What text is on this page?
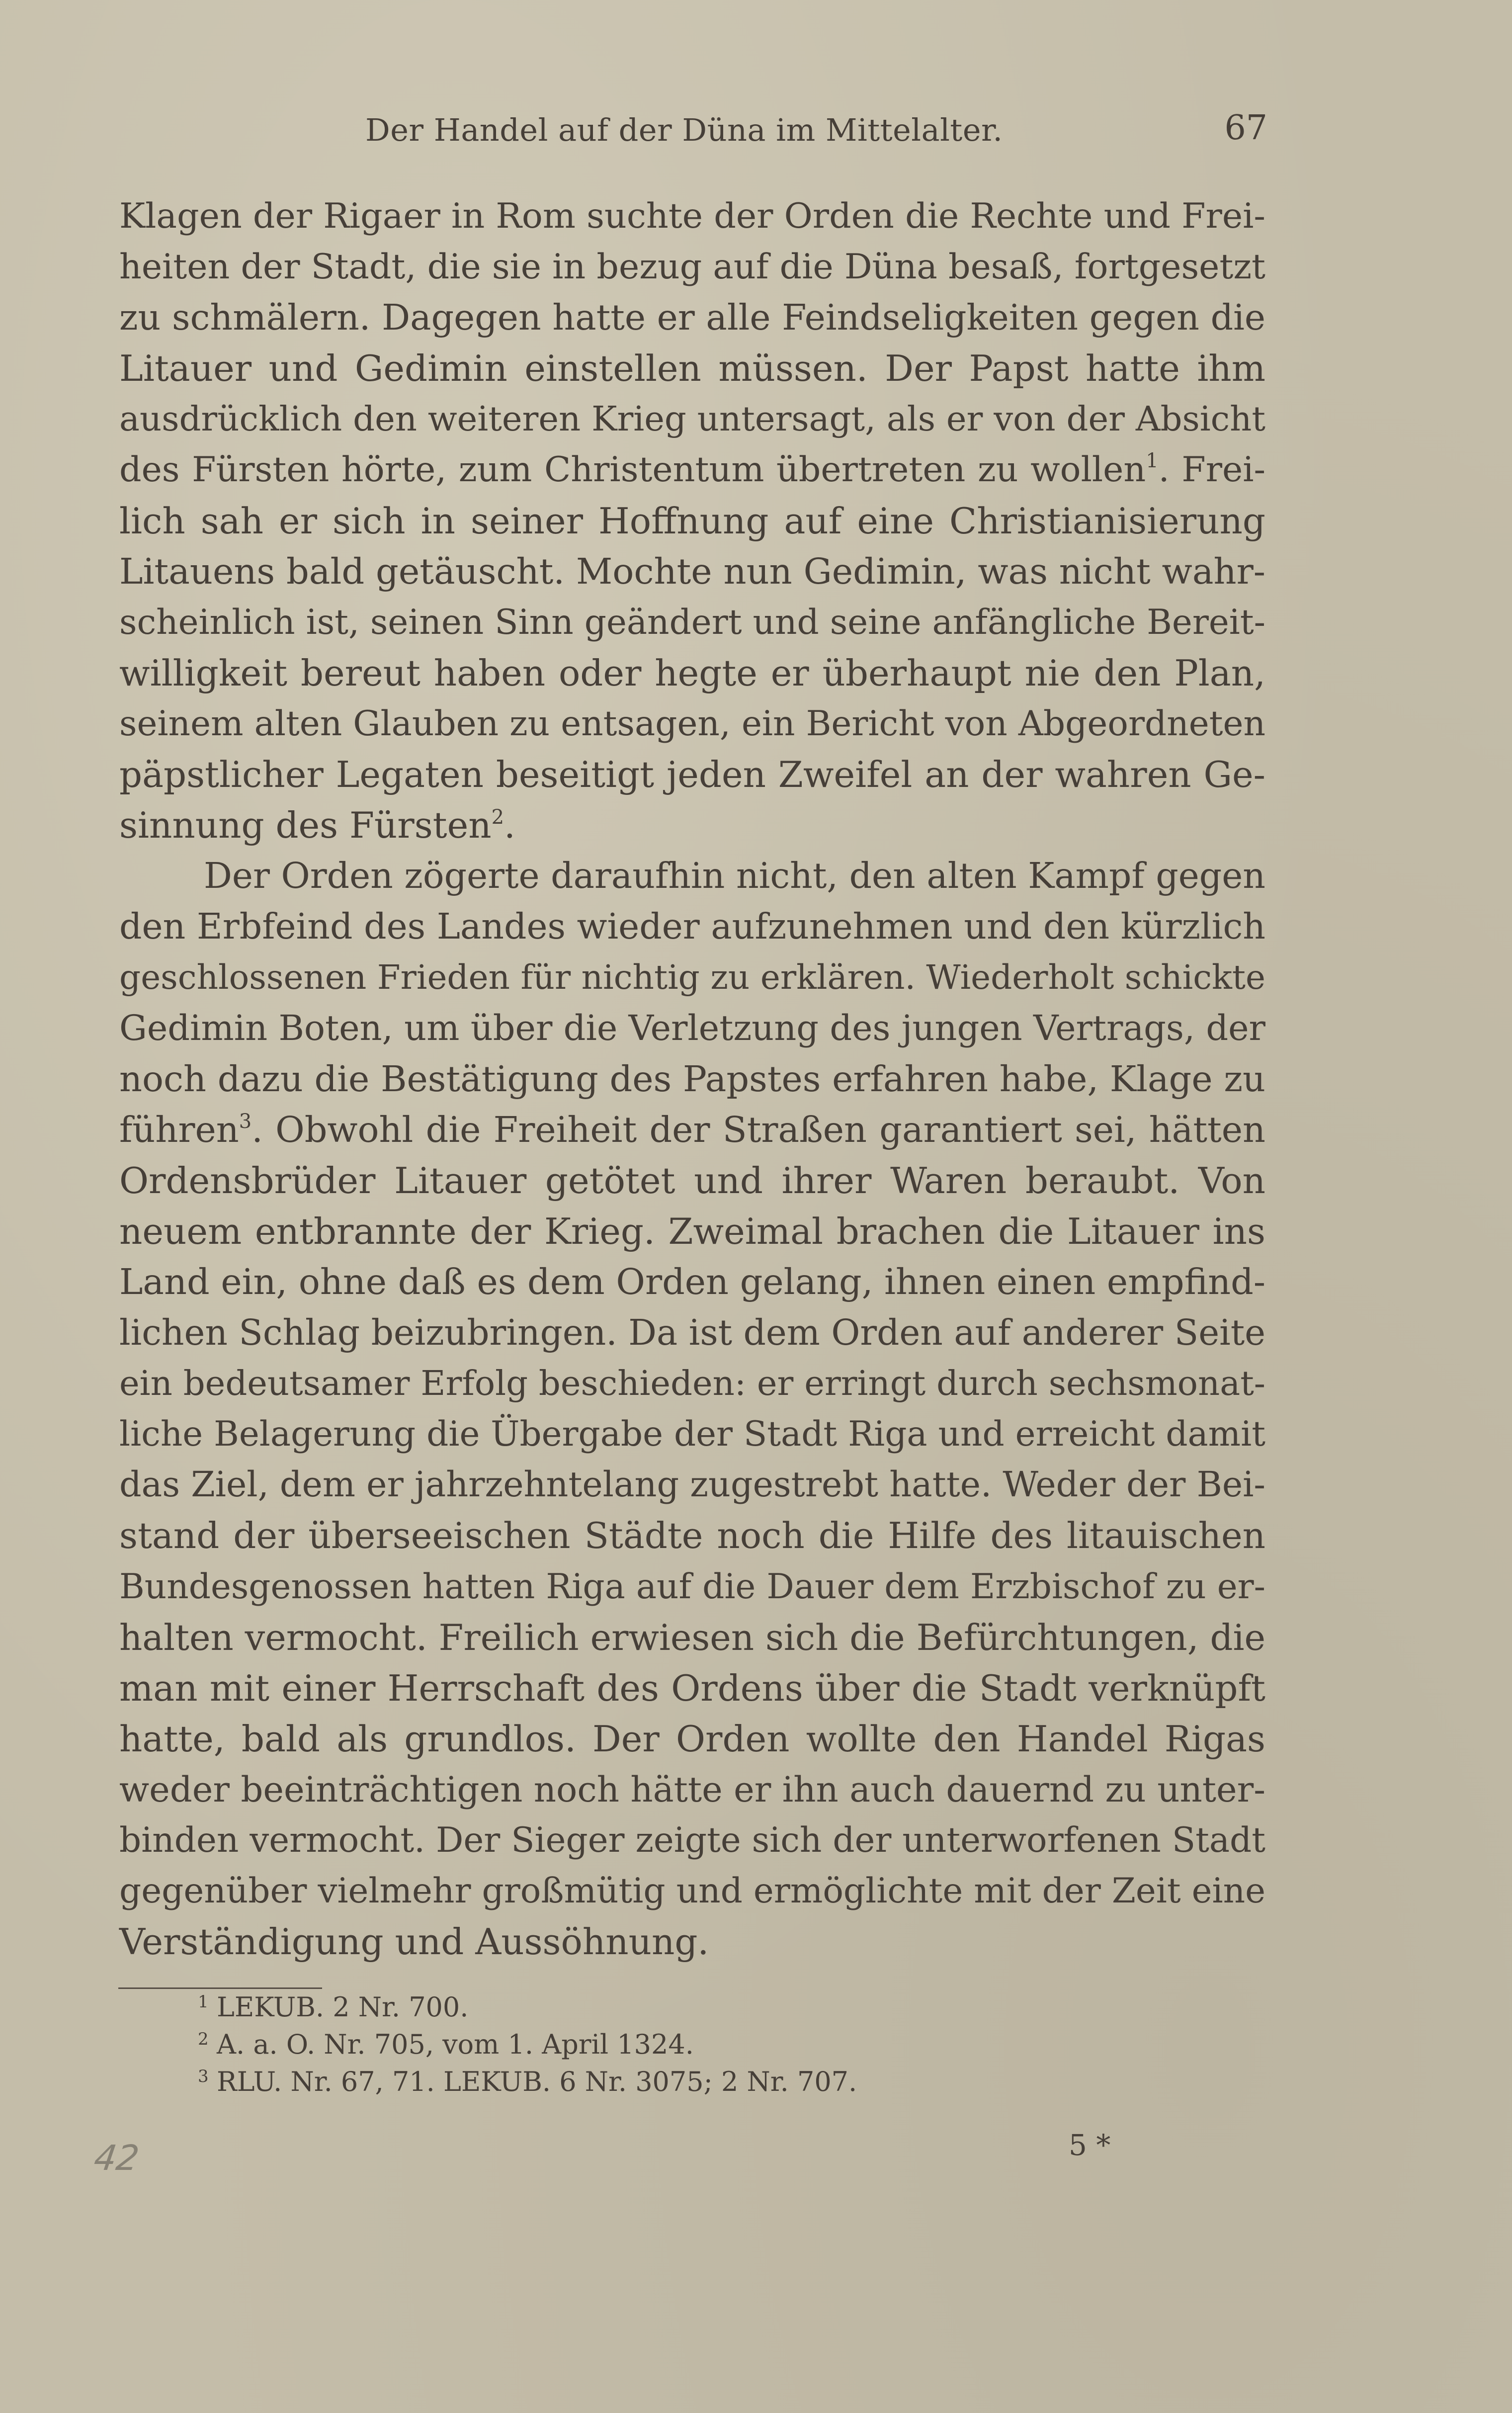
Der Handel auf der Düna im Mittelalter.	67
Klagen der Rigaer in Rom suchte der Orden die Rechte und Frei-
heiten der Stadt, die sie in bezug auf die Düna besaß, fortgesetzt
zu schmälern. Dagegen hatte er alle Feindseligkeiten gegen die
Litauer und Gedimin einstellen müssen. Der Papst hatte ihm
ausdrücklich den weiteren Krieg untersagt, als er von der Absicht
des Fürsten hörte, zum Christentum übertreten zu wollen$^1$. Frei-
lich sah er sich in seiner Hoffnung auf eine Christianisierung
Litauens bald getäuscht. Mochte nun Gedimin, was nicht wahr-
scheinlich ist, seinen Sinn geändert und seine anfängliche Bereit-
willigkeit bereut haben oder hegte er überhaupt nie den Plan,
seinem alten Glauben zu entsagen, ein Bericht von Abgeordneten
päpstlicher Legaten beseitigt jeden Zweifel an der wahren Ge-
sinnung des Fürsten$^2$.
Der Orden zögerte daraufhin nicht, den alten Kampf gegen
den Erbfeind des Landes wieder aufzunehmen und den kürzlich
geschlossenen Frieden für nichtig zu erklären. Wiederholt schickte
Gedimin Boten, um über die Verletzung des jungen Vertrags, der
noch dazu die Bestätigung des Papstes erfahren habe, Klage zu
führen$^3$. Obwohl die Freiheit der Straßen garantiert sei, hätten
Ordensbrüder Litauer getötet und ihrer Waren beraubt. Von
neuem entbrannte der Krieg. Zweimal brachen die Litauer ins
Land ein, ohne daß es dem Orden gelang, ihnen einen empfind-
lichen Schlag beizubringen. Da ist dem Orden auf anderer Seite
ein bedeutsamer Erfolg beschieden: er erringt durch sechsmonat-
liche Belagerung die Übergabe der Stadt Riga und erreicht damit
das Ziel, dem er jahrzehntelang zugestrebt hatte. Weder der Bei-
stand der überseeischen Städte noch die Hilfe des litauischen
Bundesgenossen hatten Riga auf die Dauer dem Erzbischof zu er-
halten vermocht. Freilich erwiesen sich die Befürchtungen, die
man mit einer Herrschaft des Ordens über die Stadt verknüpft
hatte, bald als grundlos. Der Orden wollte den Handel Rigas
weder beeinträchtigen noch hätte er ihn auch dauernd zu unter-
binden vermocht. Der Sieger zeigte sich der unterworfenen Stadt
gegenüber vielmehr großmütig und ermöglichte mit der Zeit eine
Verständigung und Aussöhnung.
1 LEKUB. 2 Nr. 700.
2 A. a. O. Nr. 705, vom 1. April 1324.
3 RLU. Nr. 67, 71. LEKUB. 6 Nr. 3075; 2 Nr. 707.
5 *
42
